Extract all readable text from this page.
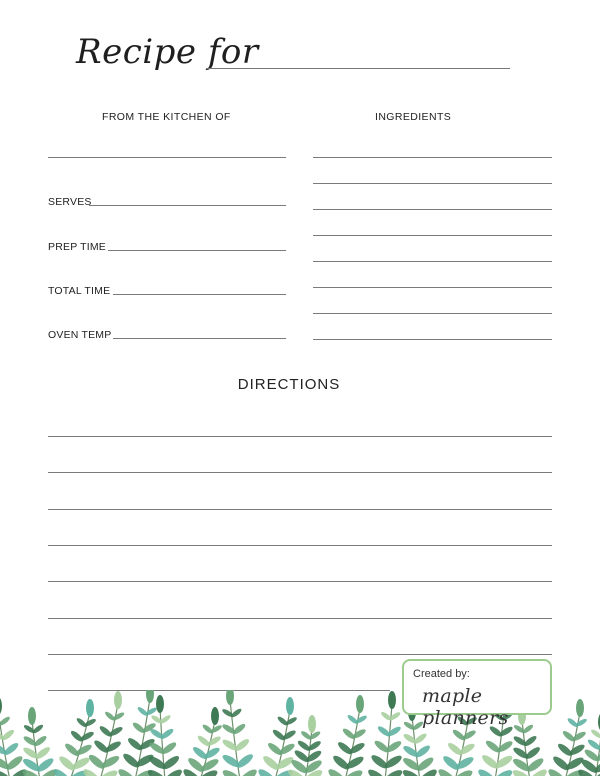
Recipe for
FROM THE KITCHEN OF
SERVES
PREP TIME
TOTAL TIME
OVEN TEMP
INGREDIENTS
DIRECTIONS
Created by:
maple planners
